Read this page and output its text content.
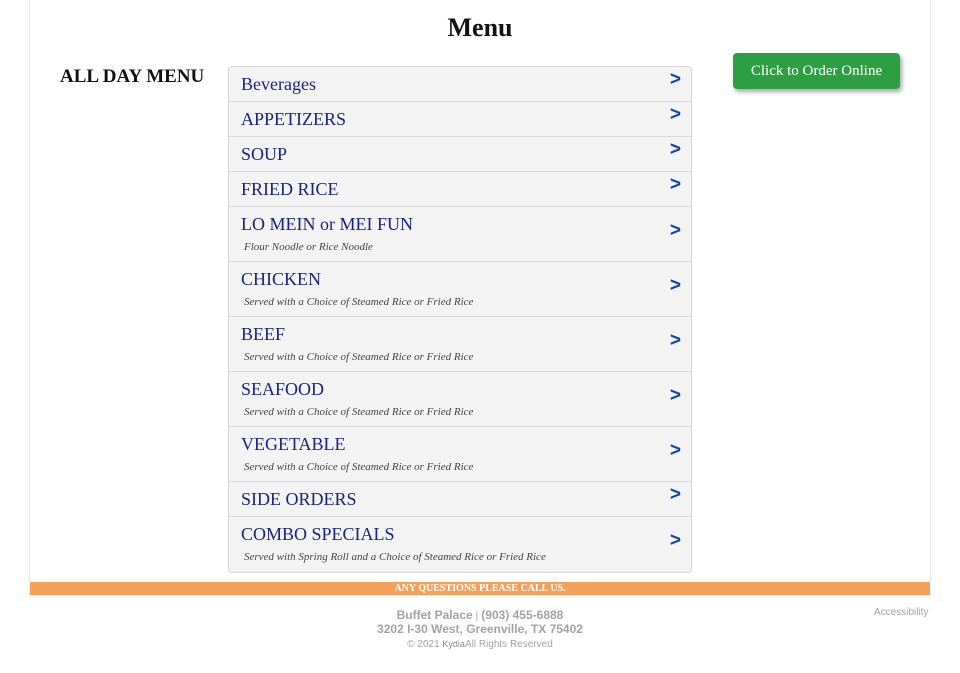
Menu
ALL DAY MENU	Click to Order Online
Beverages	>
APPETIZERS	>
SOUP	>
FRIED RICE	>
LO MEIN or MEI FUN
Flour Noodle or Rice Noodle
>
CHICKEN
Served with a Choice of Steamed Rice or Fried Rice
>
BEEF
Served with a Choice of Steamed Rice or Fried Rice
>
SEAFOOD
Served with a Choice of Steamed Rice or Fried Rice
>
VEGETABLE
Served with a Choice of Steamed Rice or Fried Rice
>
SIDE ORDERS	>
COMBO SPECIALS
Served with Spring Roll and a Choice of Steamed Rice or Fried Rice
>
ANY QUESTIONS PLEASE CALL US.
Buffet Palace | (903) 455-6888
3202 I-30 West, Greenville, TX 75402
© 2021 KydiaAll Rights Reserved
Accessibility
